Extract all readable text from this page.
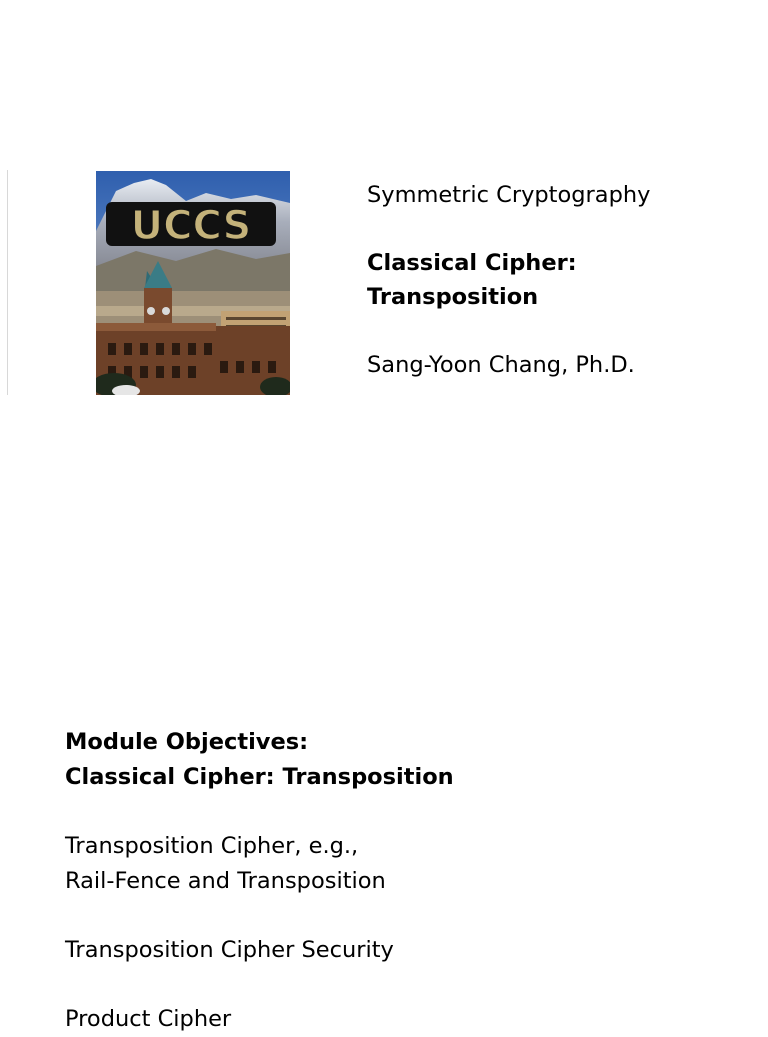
UCCS
Symmetric Cryptography
Classical Cipher:
Transposition
Sang-Yoon Chang, Ph.D.
Module Objectives:
Classical Cipher: Transposition
Transposition Cipher, e.g.,
Rail-Fence and Transposition
Transposition Cipher Security
Product Cipher
